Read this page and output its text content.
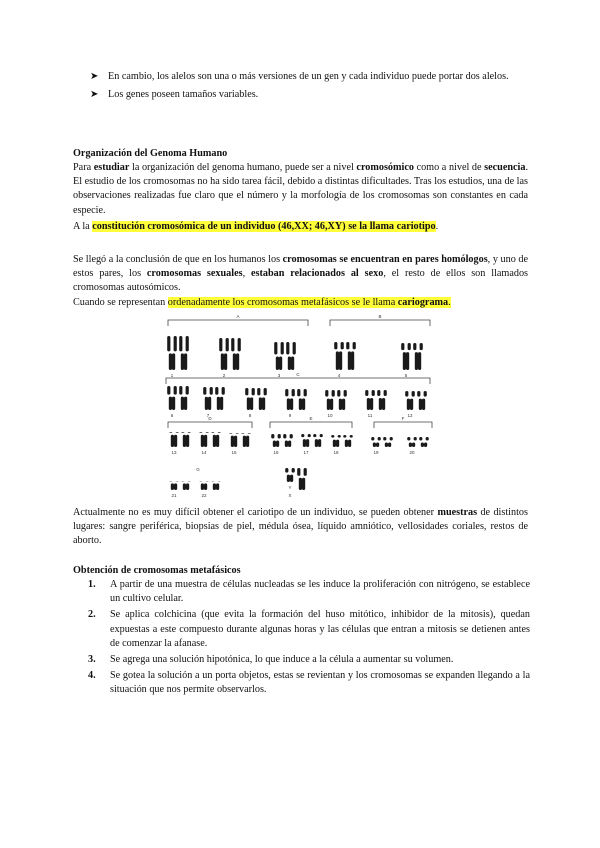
➤ En cambio, los alelos son una o más versiones de un gen y cada individuo puede portar dos alelos.
➤ Los genes poseen tamaños variables.
Organización del Genoma Humano
Para estudiar la organización del genoma humano, puede ser a nivel cromosómico como a nivel de secuencia. El estudio de los cromosomas no ha sido tarea fácil, debido a distintas dificultades. Tras los estudios, una de las observaciones realizadas fue claro que el número y la morfología de los cromosomas son constantes en cada especie.
A la constitución cromosómica de un individuo (46,XX; 46,XY) se la llama cariotipo.
Se llegó a la conclusión de que en los humanos los cromosomas se encuentran en pares homólogos, y uno de estos pares, los cromosomas sexuales, estaban relacionados al sexo, el resto de ellos son llamados cromosomas autosómicos.
Cuando se representan ordenadamente los cromosomas metafásicos se le llama cariograma.
A	B
1	2	3	4	5
C
6	7	8	9	10	11	12
D	E	F
13	14	15	16	17	18	19	20
G
21	22
Y
X
Actualmente no es muy difícil obtener el cariotipo de un individuo, se pueden obtener muestras de distintos lugares: sangre periférica, biopsias de piel, médula ósea, líquido amniótico, vellosidades coriales, restos de aborto.
Obtención de cromosomas metafásicos
1. A partir de una muestra de células nucleadas se les induce la proliferación con nitrógeno, se establece un cultivo celular.
2. Se aplica colchicina (que evita la formación del huso mitótico, inhibidor de la mitosis), quedan expuestas a este compuesto durante algunas horas y las células que entran a mitosis se detienen antes de comenzar la afanase.
3. Se agrega una solución hipotónica, lo que induce a la célula a aumentar su volumen.
4. Se gotea la solución a un porta objetos, estas se revientan y los cromosomas se expanden llegando a la situación que nos permite observarlos.
